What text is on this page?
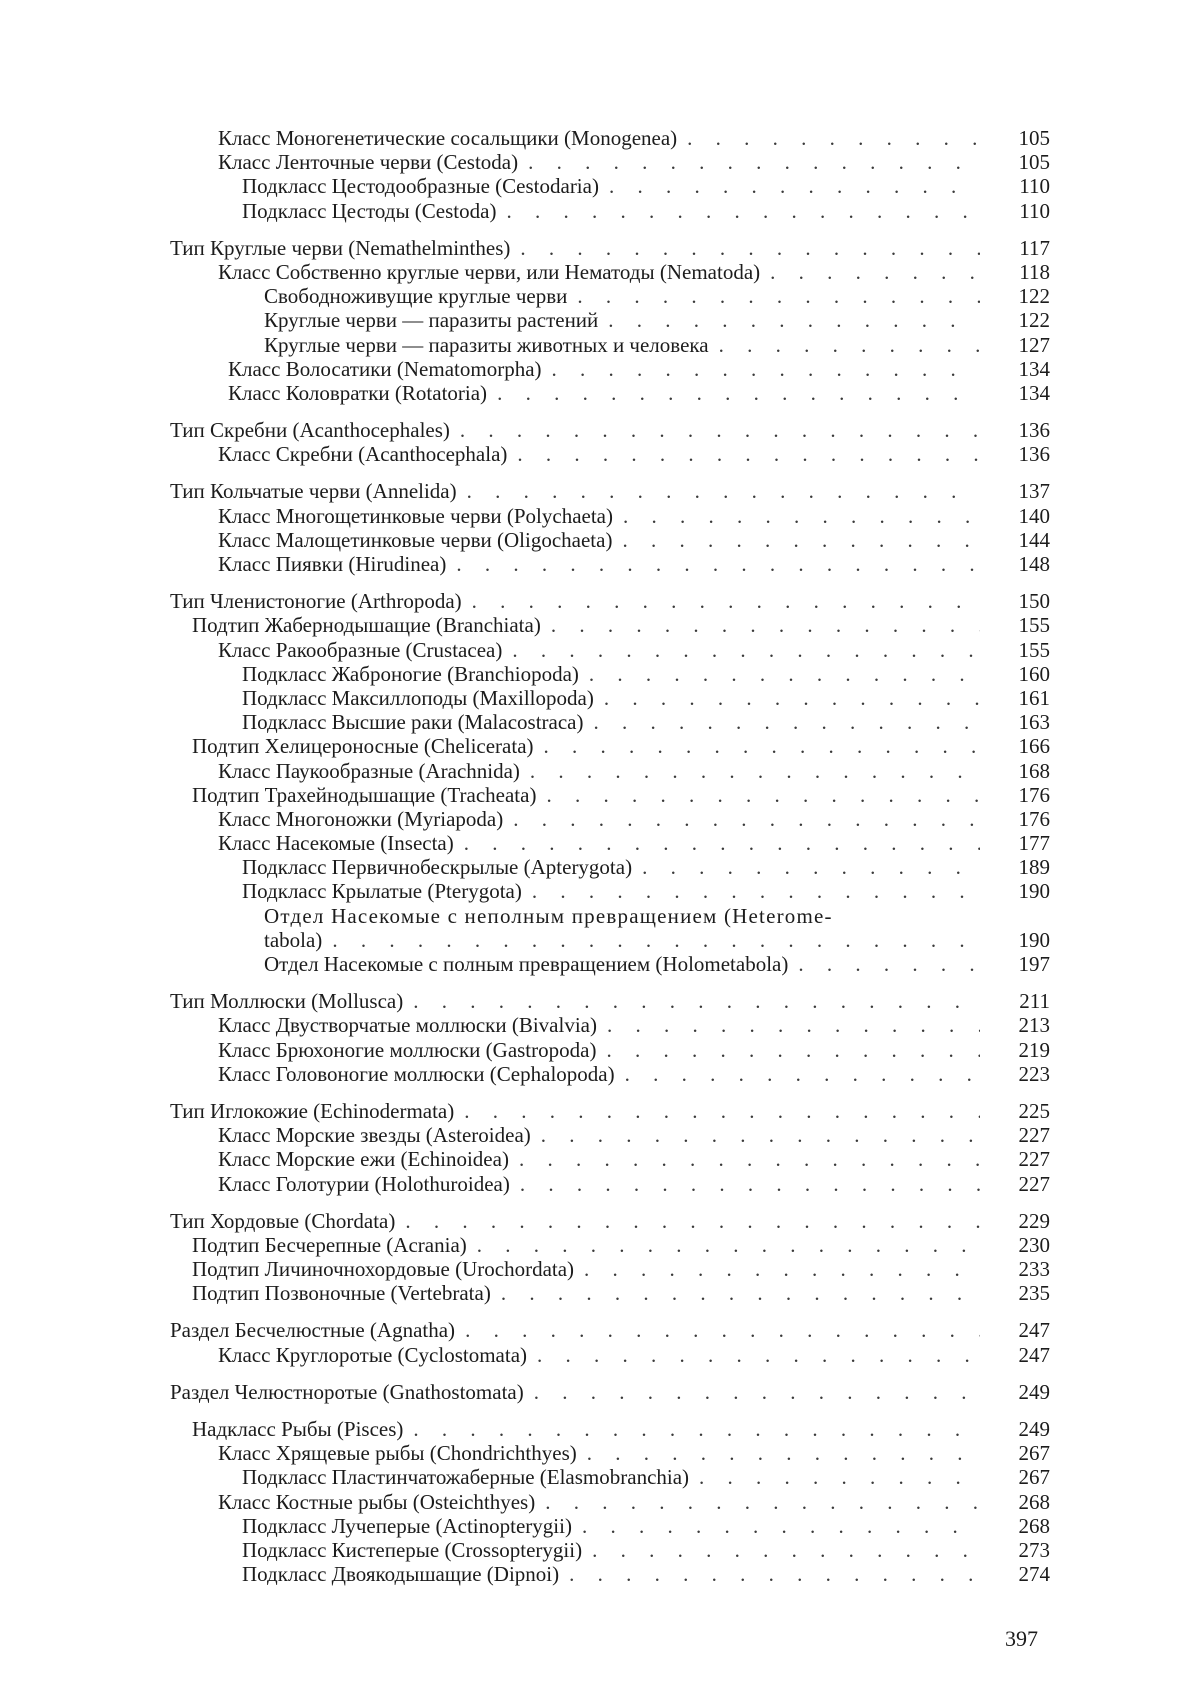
Класс Моногенетические сосальщики (Monogenea) . . .	105
Класс Ленточные черви (Cestoda) . . .	105
Подкласс Цестодообразные (Cestodaria) . . .	110
Подкласс Цестоды (Cestoda) . . .	110
Тип Круглые черви (Nemathelminthes) . . .	117
Класс Собственно круглые черви, или Нематоды (Nematoda) . . .	118
Свободноживущие круглые черви . . .	122
Круглые черви — паразиты растений . . .	122
Круглые черви — паразиты животных и человека . . .	127
Класс Волосатики (Nematomorpha) . . .	134
Класс Коловратки (Rotatoria) . . .	134
Тип Скребни (Acanthocephales) . . .	136
Класс Скребни (Acanthocephala) . . .	136
Тип Кольчатые черви (Annelida) . . .	137
Класс Многощетинковые черви (Polychaeta) . . .	140
Класс Малощетинковые черви (Oligochaeta) . . .	144
Класс Пиявки (Hirudinea) . . .	148
Тип Членистоногие (Arthropoda) . . .	150
Подтип Жабернодышащие (Branchiata) . . .	155
Класс Ракообразные (Crustacea) . . .	155
Подкласс Жаброногие (Branchiopoda) . . .	160
Подкласс Максиллоподы (Maxillopoda) . . .	161
Подкласс Высшие раки (Malacostraca) . . .	163
Подтип Хелицероносные (Chelicerata) . . .	166
Класс Паукообразные (Arachnida) . . .	168
Подтип Трахейнодышащие (Tracheata) . . .	176
Класс Многоножки (Myriapoda) . . .	176
Класс Насекомые (Insecta) . . .	177
Подкласс Первичнобескрылые (Apterygota) . . .	189
Подкласс Крылатые (Pterygota) . . .	190
Отдел Насекомые с неполным превращением (Heterome-
tabola) . . .	190
Отдел Насекомые с полным превращением (Holometabola) . . .	197
Тип Моллюски (Mollusca) . . .	211
Класс Двустворчатые моллюски (Bivalvia) . . .	213
Класс Брюхоногие моллюски (Gastropoda) . . .	219
Класс Головоногие моллюски (Cephalopoda) . . .	223
Тип Иглокожие (Echinodermata) . . .	225
Класс Морские звезды (Asteroidea) . . .	227
Класс Морские ежи (Echinoidea) . . .	227
Класс Голотурии (Holothuroidea) . . .	227
Тип Хордовые (Chordata) . . .	229
Подтип Бесчерепные (Acrania) . . .	230
Подтип Личиночнохордовые (Urochordata) . . .	233
Подтип Позвоночные (Vertebrata) . . .	235
Раздел Бесчелюстные (Agnatha) . . .	247
Класс Круглоротые (Cyclostomata) . . .	247
Раздел Челюстноротые (Gnathostomata) . . .	249
Надкласс Рыбы (Pisces) . . .	249
Класс Хрящевые рыбы (Chondrichthyes) . . .	267
Подкласс Пластинчатожаберные (Elasmobranchia) . . .	267
Класс Костные рыбы (Osteichthyes) . . .	268
Подкласс Лучеперые (Actinopterygii) . . .	268
Подкласс Кистеперые (Crossopterygii) . . .	273
Подкласс Двоякодышащие (Dipnoi) . . .	274
397
